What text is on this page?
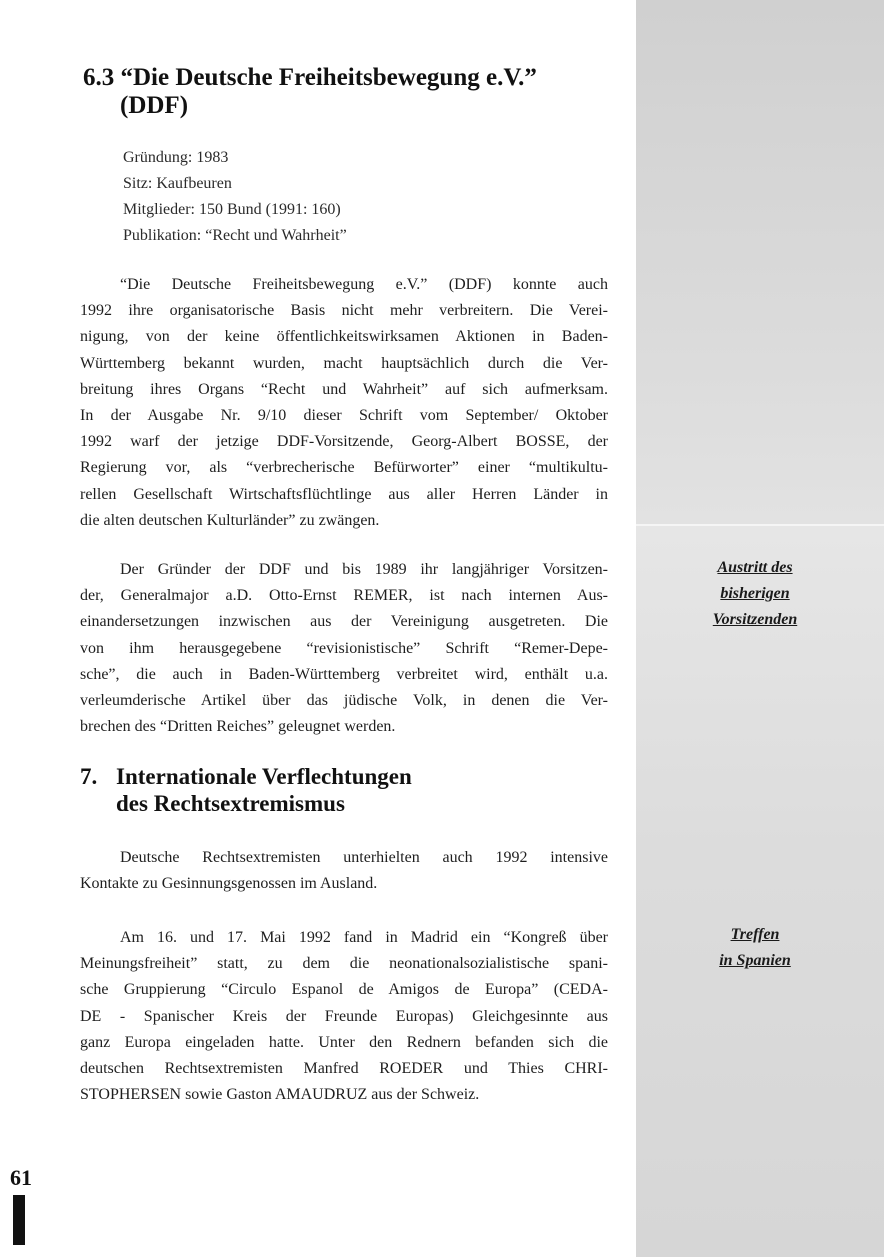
6.3 “Die Deutsche Freiheitsbewegung e.V.”
(DDF)
Gründung: 1983
Sitz: Kaufbeuren
Mitglieder: 150 Bund (1991: 160)
Publikation: “Recht und Wahrheit”
“Die Deutsche Freiheitsbewegung e.V.” (DDF) konnte auch
1992 ihre organisatorische Basis nicht mehr verbreitern. Die Verei-
nigung, von der keine öffentlichkeitswirksamen Aktionen in Baden-
Württemberg bekannt wurden, macht hauptsächlich durch die Ver-
breitung ihres Organs “Recht und Wahrheit” auf sich aufmerksam.
In der Ausgabe Nr. 9/10 dieser Schrift vom September/ Oktober
1992 warf der jetzige DDF-Vorsitzende, Georg-Albert BOSSE, der
Regierung vor, als “verbrecherische Befürworter” einer “multikultu-
rellen Gesellschaft Wirtschaftsflüchtlinge aus aller Herren Länder in
die alten deutschen Kulturländer” zu zwängen.
Der Gründer der DDF und bis 1989 ihr langjähriger Vorsitzen-
der, Generalmajor a.D. Otto-Ernst REMER, ist nach internen Aus-
einandersetzungen inzwischen aus der Vereinigung ausgetreten. Die
von ihm herausgegebene “revisionistische” Schrift “Remer-Depe-
sche”, die auch in Baden-Württemberg verbreitet wird, enthält u.a.
verleumderische Artikel über das jüdische Volk, in denen die Ver-
brechen des “Dritten Reiches” geleugnet werden.
Austritt des
bisherigen
Vorsitzenden
7. Internationale Verflechtungen
des Rechtsextremismus
Deutsche Rechtsextremisten unterhielten auch 1992 intensive
Kontakte zu Gesinnungsgenossen im Ausland.
Am 16. und 17. Mai 1992 fand in Madrid ein “Kongreß über
Meinungsfreiheit” statt, zu dem die neonationalsozialistische spani-
sche Gruppierung “Circulo Espanol de Amigos de Europa” (CEDA-
DE - Spanischer Kreis der Freunde Europas) Gleichgesinnte aus
ganz Europa eingeladen hatte. Unter den Rednern befanden sich die
deutschen Rechtsextremisten Manfred ROEDER und Thies CHRI-
STOPHERSEN sowie Gaston AMAUDRUZ aus der Schweiz.
Treffen
in Spanien
61
